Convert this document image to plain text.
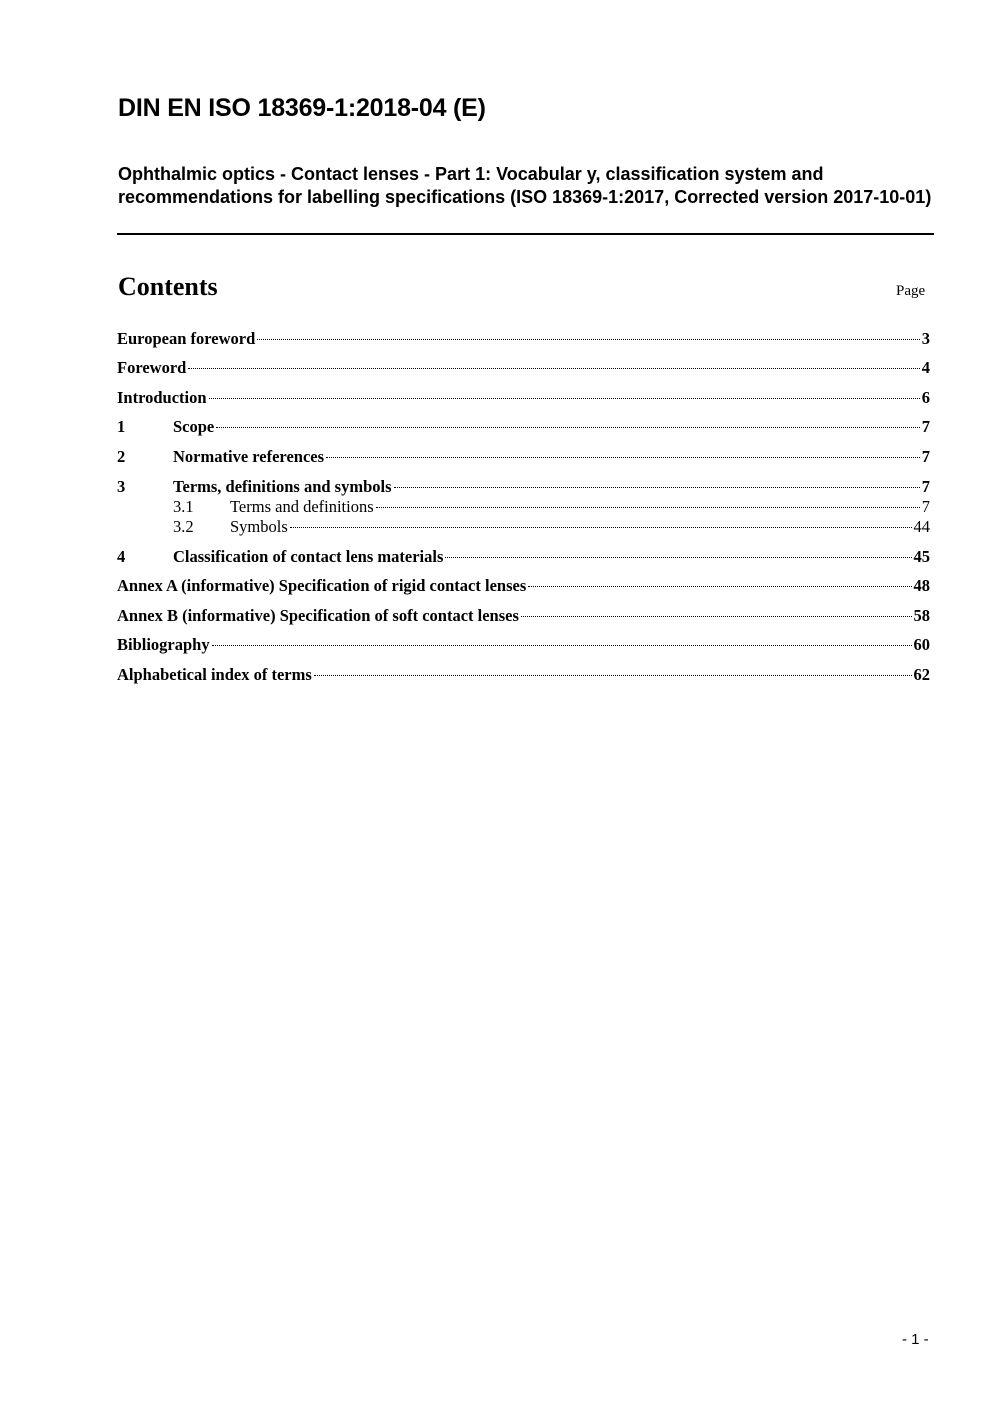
DIN EN ISO 18369-1:2018-04 (E)
Ophthalmic optics - Contact lenses - Part 1: Vocabular y, classification system and recommendations for labelling specifications (ISO 18369-1:2017, Corrected version 2017-10-01)
Contents	Page
European foreword	3
Foreword	4
Introduction	6
1	Scope	7
2	Normative references	7
3	Terms, definitions and symbols	7
3.1	Terms and definitions	7
3.2	Symbols	44
4	Classification of contact lens materials	45
Annex A (informative) Specification of rigid contact lenses	48
Annex B (informative) Specification of soft contact lenses	58
Bibliography	60
Alphabetical index of terms	62
- 1 -
